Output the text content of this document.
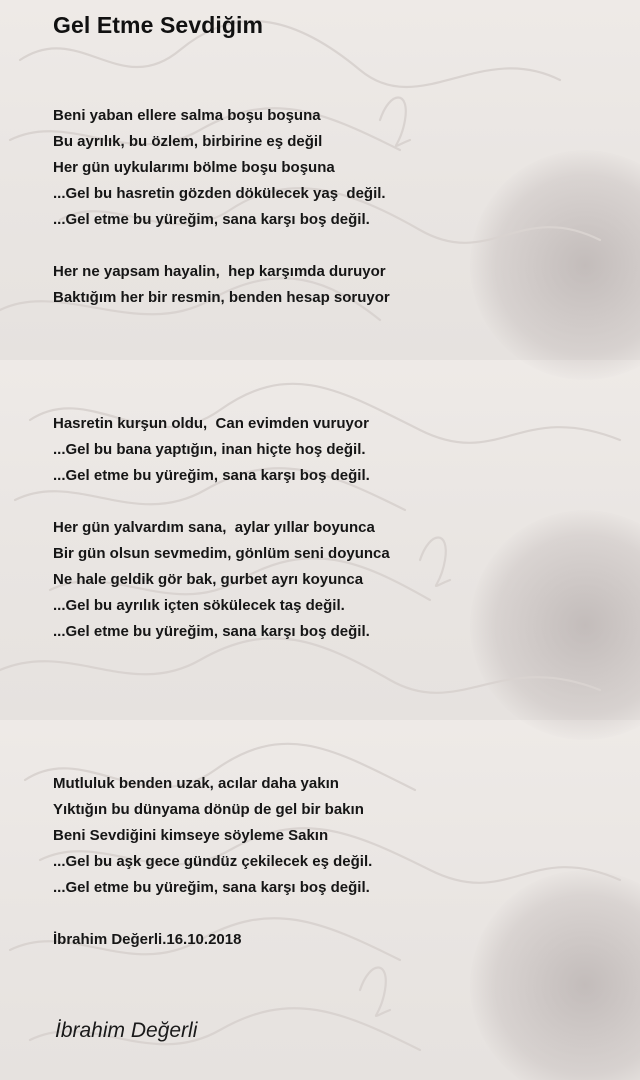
Gel Etme Sevdiğim
Beni yaban ellere salma boşu boşuna
Bu ayrılık, bu özlem, birbirine eş değil
Her gün uykularımı bölme boşu boşuna
...Gel bu hasretin gözden dökülecek yaş  değil.
...Gel etme bu yüreğim, sana karşı boş değil.
Her ne yapsam hayalin,  hep karşımda duruyor
Baktığım her bir resmin, benden hesap soruyor
Hasretin kurşun oldu,  Can evimden vuruyor
...Gel bu bana yaptığın, inan hiçte hoş değil.
...Gel etme bu yüreğim, sana karşı boş değil.
Her gün yalvardım sana,  aylar yıllar boyunca
Bir gün olsun sevmedim, gönlüm seni doyunca
Ne hale geldik gör bak, gurbet ayrı koyunca
...Gel bu ayrılık içten sökülecek taş değil.
...Gel etme bu yüreğim, sana karşı boş değil.
Mutluluk benden uzak, acılar daha yakın
Yıktığın bu dünyama dönüp de gel bir bakın
Beni Sevdiğini kimseye söyleme Sakın
...Gel bu aşk gece gündüz çekilecek eş değil.
...Gel etme bu yüreğim, sana karşı boş değil.
İbrahim Değerli.16.10.2018

İbrahim Değerli
